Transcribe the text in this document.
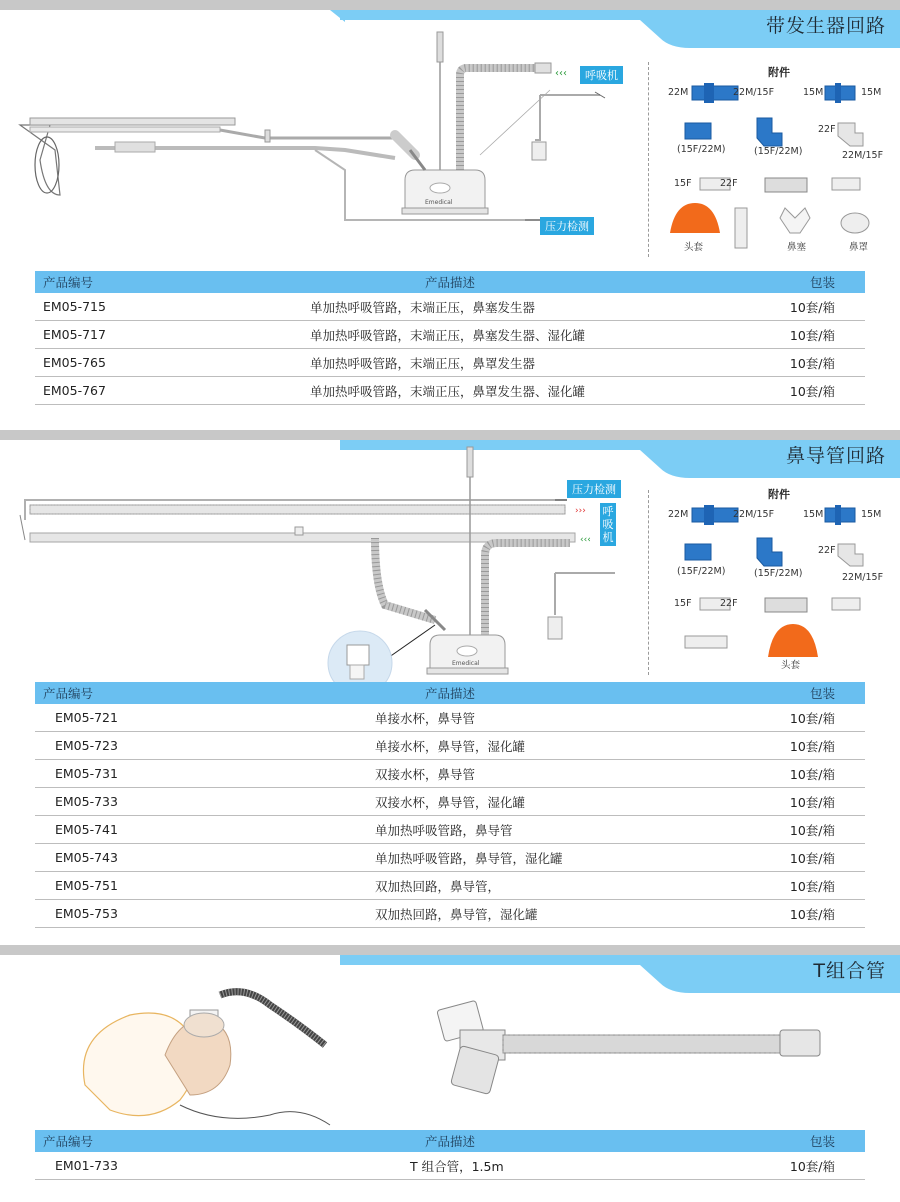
带发生器回路
Emedical
‹‹‹	呼吸机
压力检测
附件
22M	22M/15F	15M	15M
(15F/22M)	(15F/22M)
22F
22M/15F
15F	22F
头套	鼻塞	鼻罩
产品编号	产品描述	包装
EM05-715	单加热呼吸管路，末端正压，鼻塞发生器	10套/箱
EM05-717	单加热呼吸管路，末端正压，鼻塞发生器、湿化罐	10套/箱
EM05-765	单加热呼吸管路，末端正压，鼻罩发生器	10套/箱
EM05-767	单加热呼吸管路，末端正压，鼻罩发生器、湿化罐	10套/箱
鼻导管回路
›››
‹‹‹
Emedical
压力检测
呼吸机
附件
22M	22M/15F	15M	15M
(15F/22M)	(15F/22M)
22F
22M/15F
15F	22F
头套
产品编号	产品描述	包装
EM05-721	单接水杯，鼻导管	10套/箱
EM05-723	单接水杯，鼻导管，湿化罐	10套/箱
EM05-731	双接水杯，鼻导管	10套/箱
EM05-733	双接水杯，鼻导管，湿化罐	10套/箱
EM05-741	单加热呼吸管路，鼻导管	10套/箱
EM05-743	单加热呼吸管路，鼻导管，湿化罐	10套/箱
EM05-751	双加热回路，鼻导管，	10套/箱
EM05-753	双加热回路，鼻导管，湿化罐	10套/箱
T组合管
产品编号	产品描述	包装
EM01-733	T 组合管，1.5m	10套/箱
